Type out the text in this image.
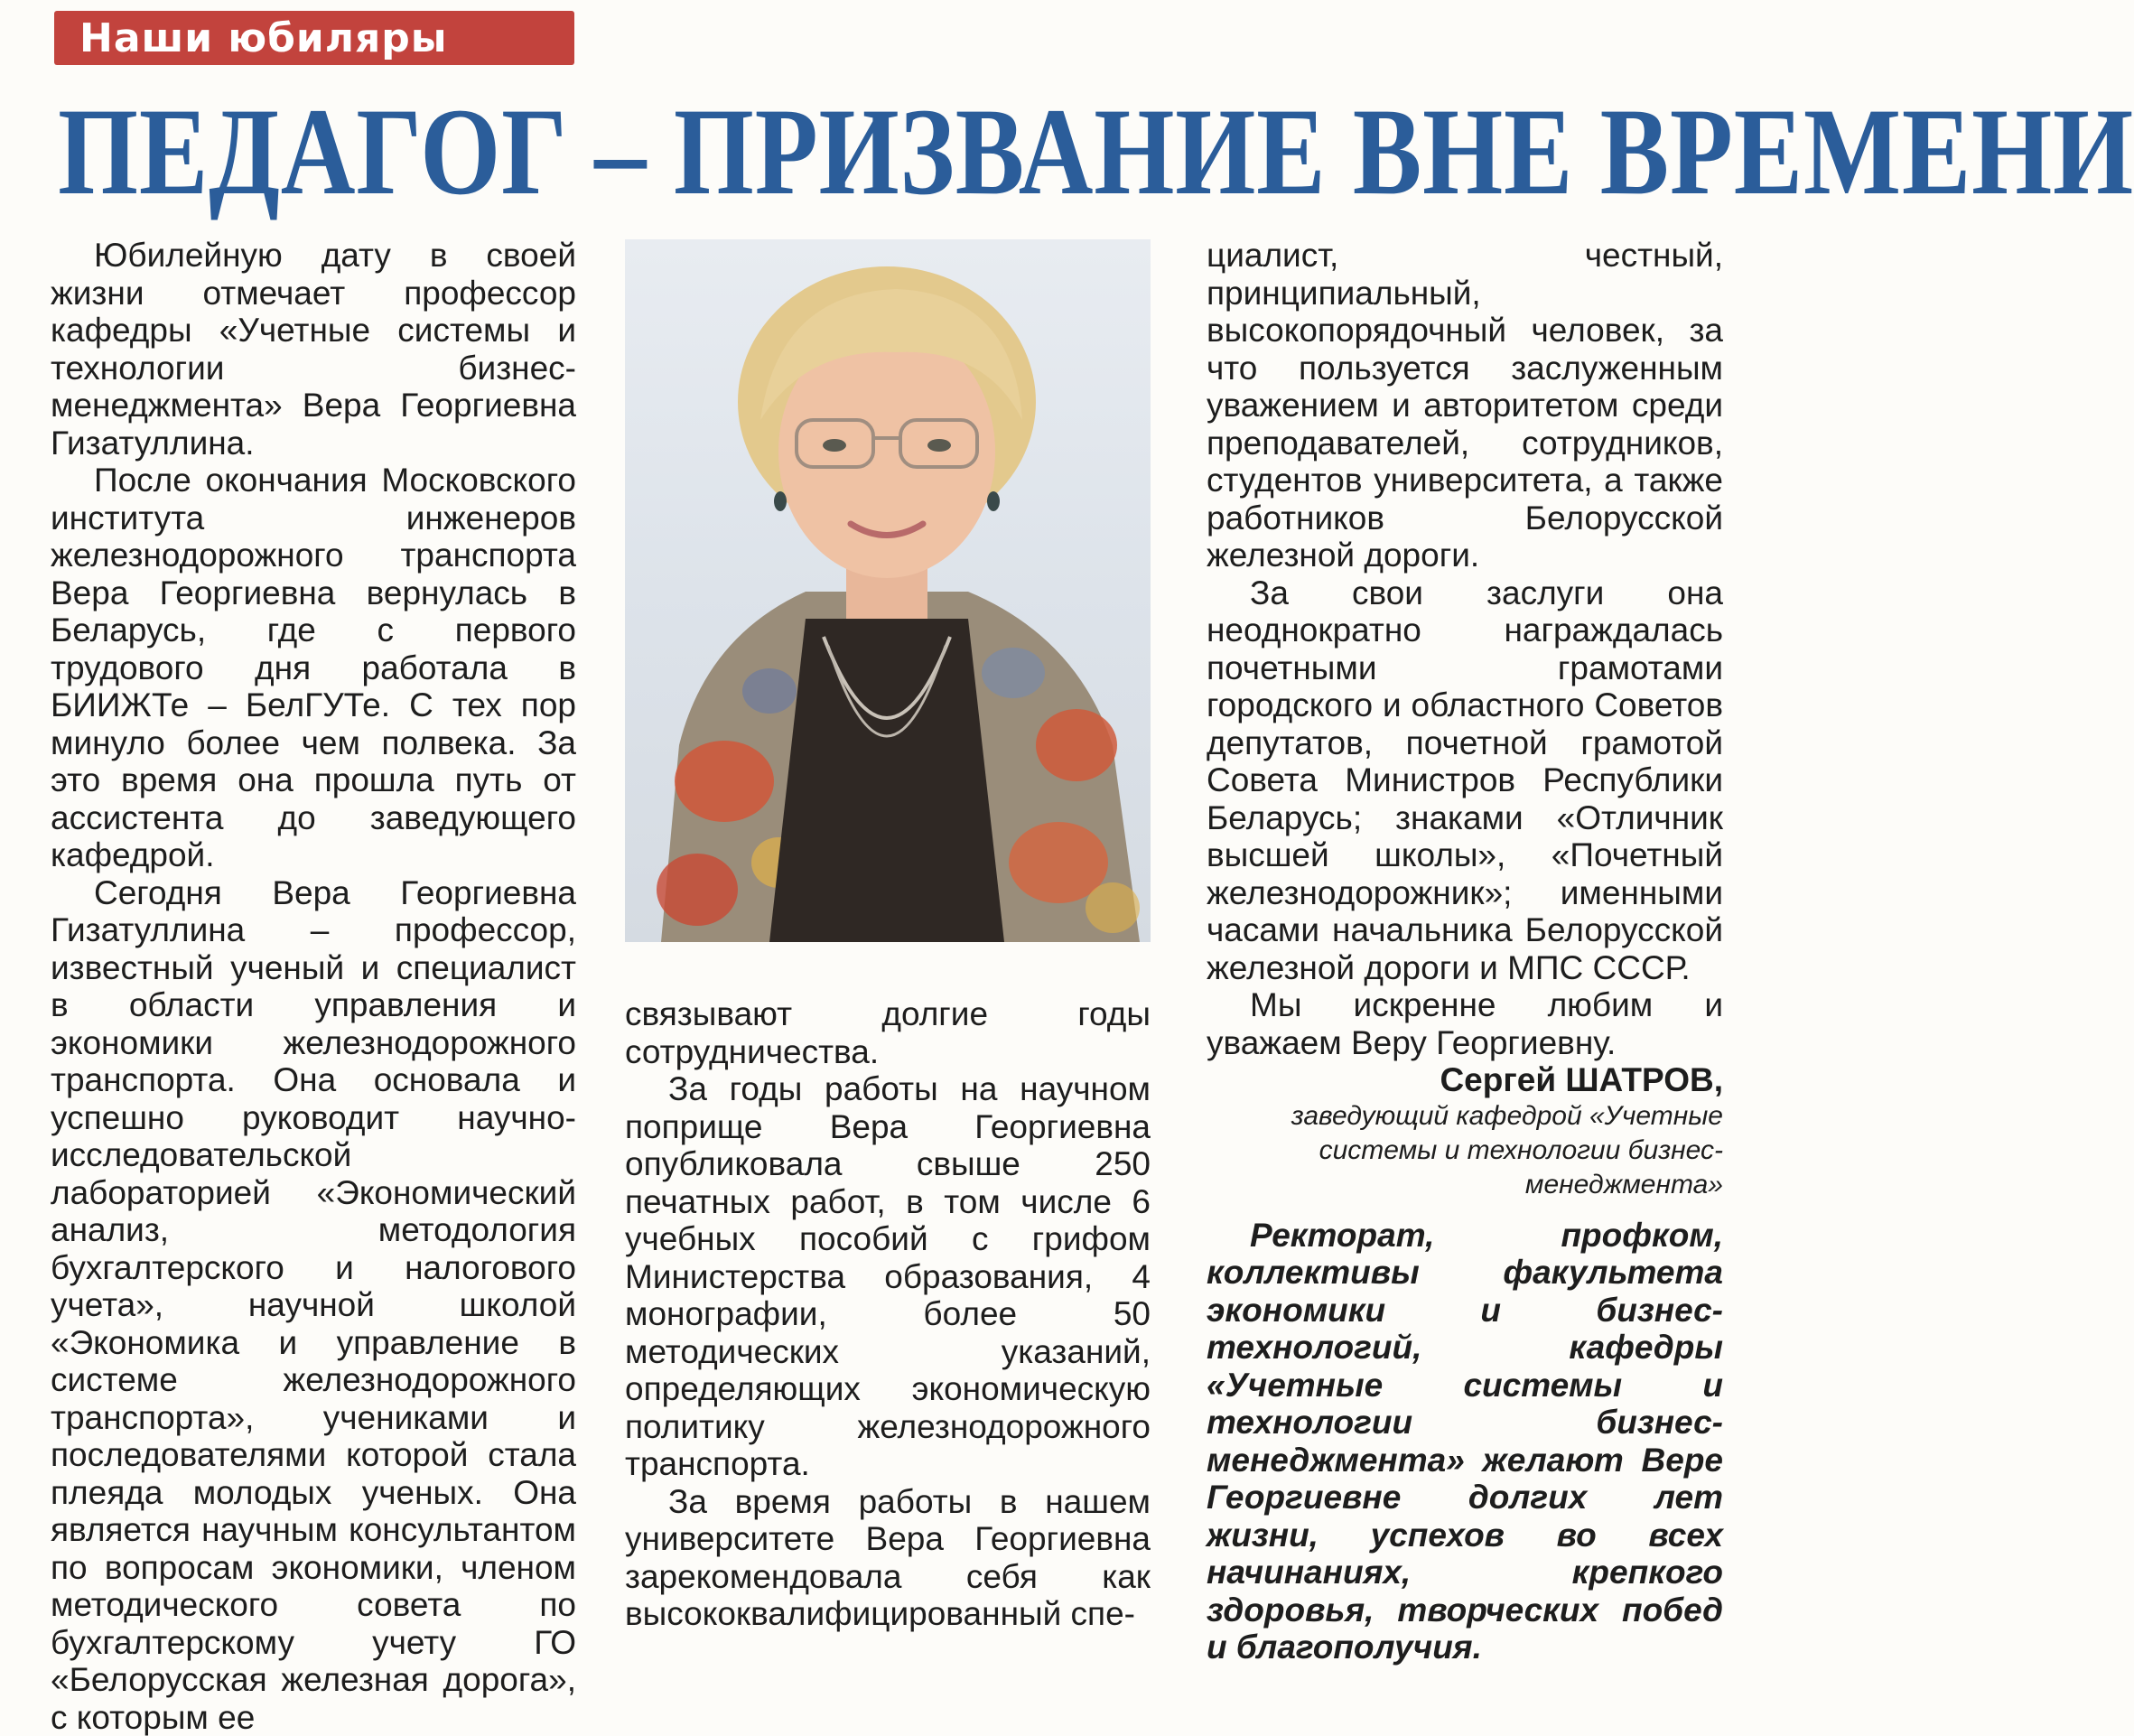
Наши юбиляры
ПЕДАГОГ – ПРИЗВАНИЕ ВНЕ ВРЕМЕНИ

Юбилейную дату в своей жизни отмечает профессор кафедры «Учетные системы и технологии бизнес-менеджмента» Вера Георгиевна Гизатуллина.

После окончания Московского института инженеров железнодорожного транспорта Вера Георгиевна вернулась в Беларусь, где с первого трудового дня работала в БИИЖТе – БелГУТе. С тех пор минуло более чем полвека. За это время она прошла путь от ассистента до заведующего кафедрой.

Сегодня Вера Георгиевна Гизатуллина – профессор, известный ученый и специалист в области управления и экономики железнодорожного транспорта. Она основала и успешно руководит научно-исследовательской лабораторией «Экономический анализ, методология бухгалтерского и налогового учета», научной школой «Экономика и управление в системе железнодорожного транспорта», учениками и последователями которой стала плеяда молодых ученых. Она является научным консультантом по вопросам экономики, членом методического совета по бухгалтерскому учету ГО «Белорусская железная дорога», с которым ее

связывают долгие годы сотрудничества.

За годы работы на научном поприще Вера Георгиевна опубликовала свыше 250 печатных работ, в том числе 6 учебных пособий с грифом Министерства образования, 4 монографии, более 50 методических указаний, определяющих экономическую политику железнодорожного транспорта.

За время работы в нашем университете Вера Георгиевна зарекомендовала себя как высококвалифицированный спе-

циалист, честный, принципиальный, высокопорядочный человек, за что пользуется заслуженным уважением и авторитетом среди преподавателей, сотрудников, студентов университета, а также работников Белорусской железной дороги.

За свои заслуги она неоднократно награждалась почетными грамотами городского и областного Советов депутатов, почетной грамотой Совета Министров Республики Беларусь; знаками «Отличник высшей школы», «Почетный железнодорожник»; именными часами начальника Белорусской железной дороги и МПС СССР.

Мы искренне любим и уважаем Веру Георгиевну.

Сергей ШАТРОВ,

заведующий кафедрой «Учетные системы и технологии бизнес-менеджмента»

Ректорат, профком, коллективы факультета экономики и бизнес-технологий, кафедры «Учетные системы и технологии бизнес-менеджмента» желают Вере Георгиевне долгих лет жизни, успехов во всех начинаниях, крепкого здоровья, творческих побед и благополучия.
